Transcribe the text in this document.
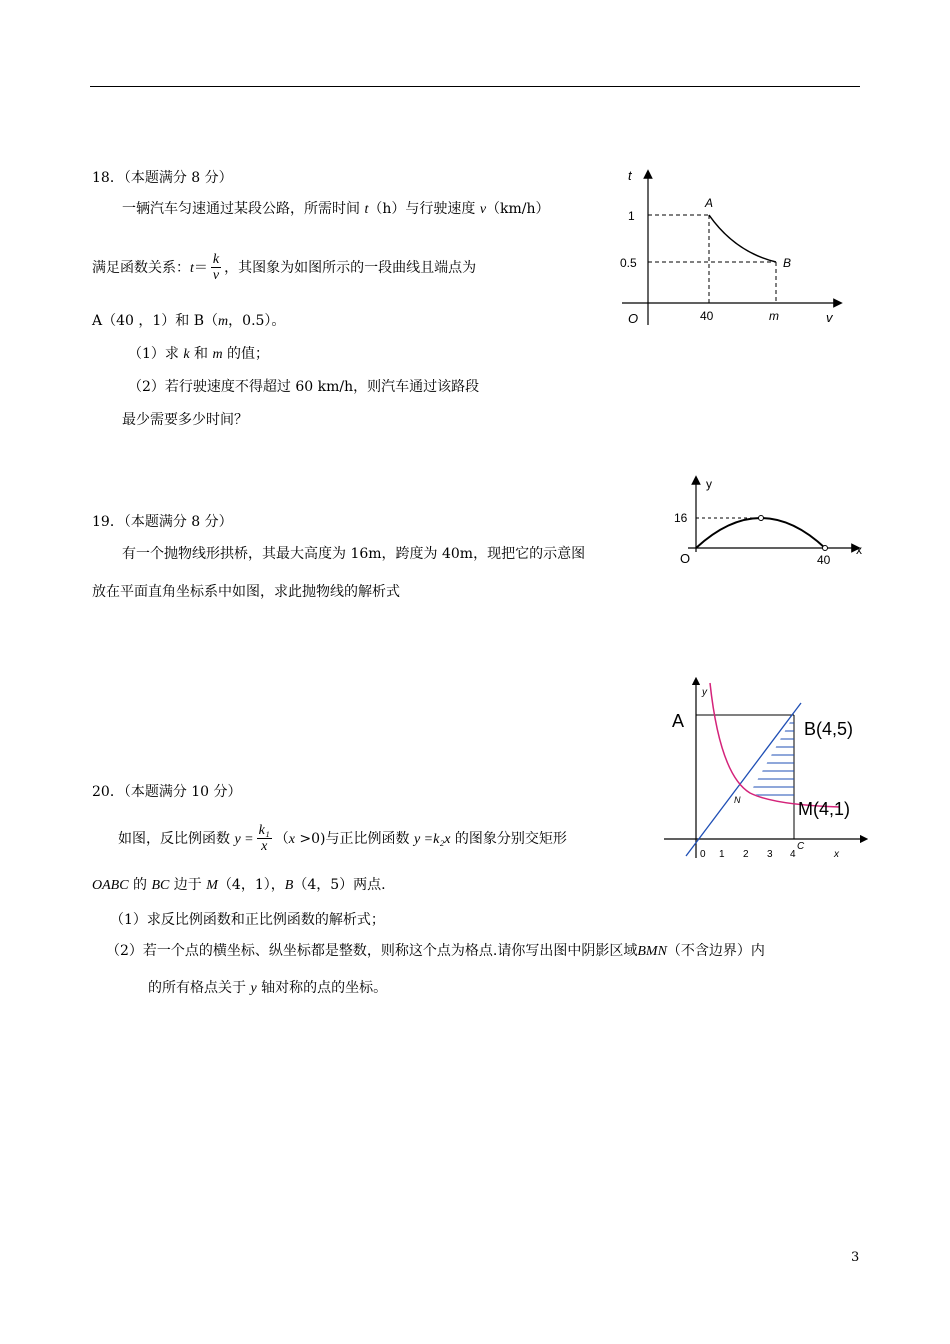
18．（本题满分 8 分）
一辆汽车匀速通过某段公路，所需时间 t（h）与行驶速度 v（km/h）
满足函数关系：$t= \frac{k}{v}$ ，其图象为如图所示的一段曲线且端点为
A（40 ，1）和 B（m，0.5）。
（1）求 k 和 m 的值；
（2）若行驶速度不得超过 60 km/h，则汽车通过该路段
最少需要多少时间？
t
v
O
1
0.5
40	m
A
B
19．（本题满分 8 分）
有一个抛物线形拱桥，其最大高度为 16m，跨度为 40m，现把它的示意图
放在平面直角坐标系中如图，求此抛物线的解析式
y
x
O
16
40
20．（本题满分 10 分）
如图，反比例函数 $y = \frac{\text{k₁}}{x} (x >0)$与正比例函数 y =k₂x 的图象分别交矩形
OABC 的 BC 边于 M（4，1），B（4，5）两点.
（1）求反比例函数和正比例函数的解析式；
（2）若一个点的横坐标、纵坐标都是整数，则称这个点为格点.请你写出图中阴影区域BMN（不含边界）内
的所有格点关于 y 轴对称的点的坐标。
y
x
A	B(4,5)
M(4,1)
N
C
0 1 2 3 4
3
